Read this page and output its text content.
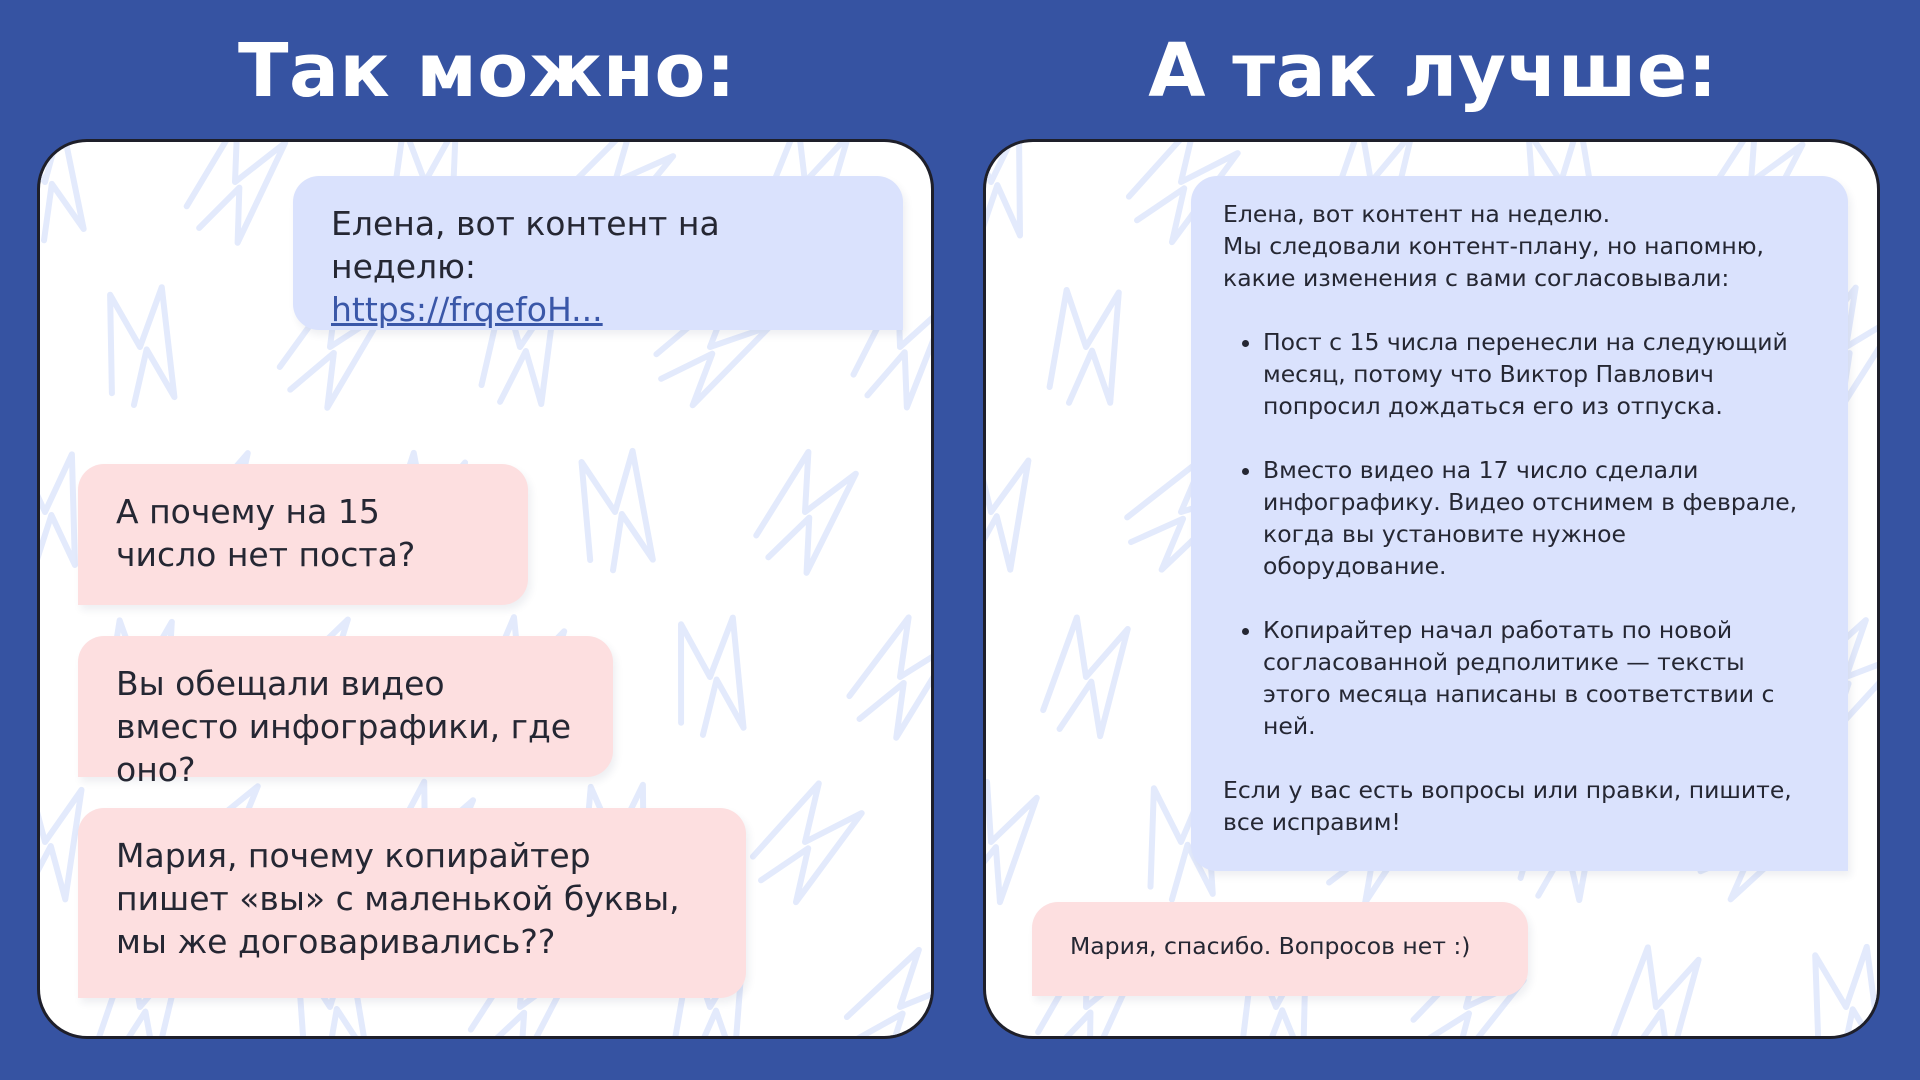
Так можно:	А так лучше:

Елена, вот контент на неделю:

https://frqefoH...

А почему на 15 число нет поста?

Вы обещали видео вместо инфографики, где оно?

Мария, почему копирайтер пишет «вы» с маленькой буквы, мы же договаривались??

Елена, вот контент на неделю.
Мы следовали контент-плану, но напомню, какие изменения с вами согласовывали:

• Пост с 15 числа перенесли на следующий месяц, потому что Виктор Павлович попросил дождаться его из отпуска.
• Вместо видео на 17 число сделали инфографику. Видео отснимем в феврале, когда вы установите нужное оборудование.
• Копирайтер начал работать по новой согласованной редполитике — тексты этого месяца написаны в соответствии с ней.

Если у вас есть вопросы или правки, пишите, все исправим!

Мария, спасибо. Вопросов нет :)
